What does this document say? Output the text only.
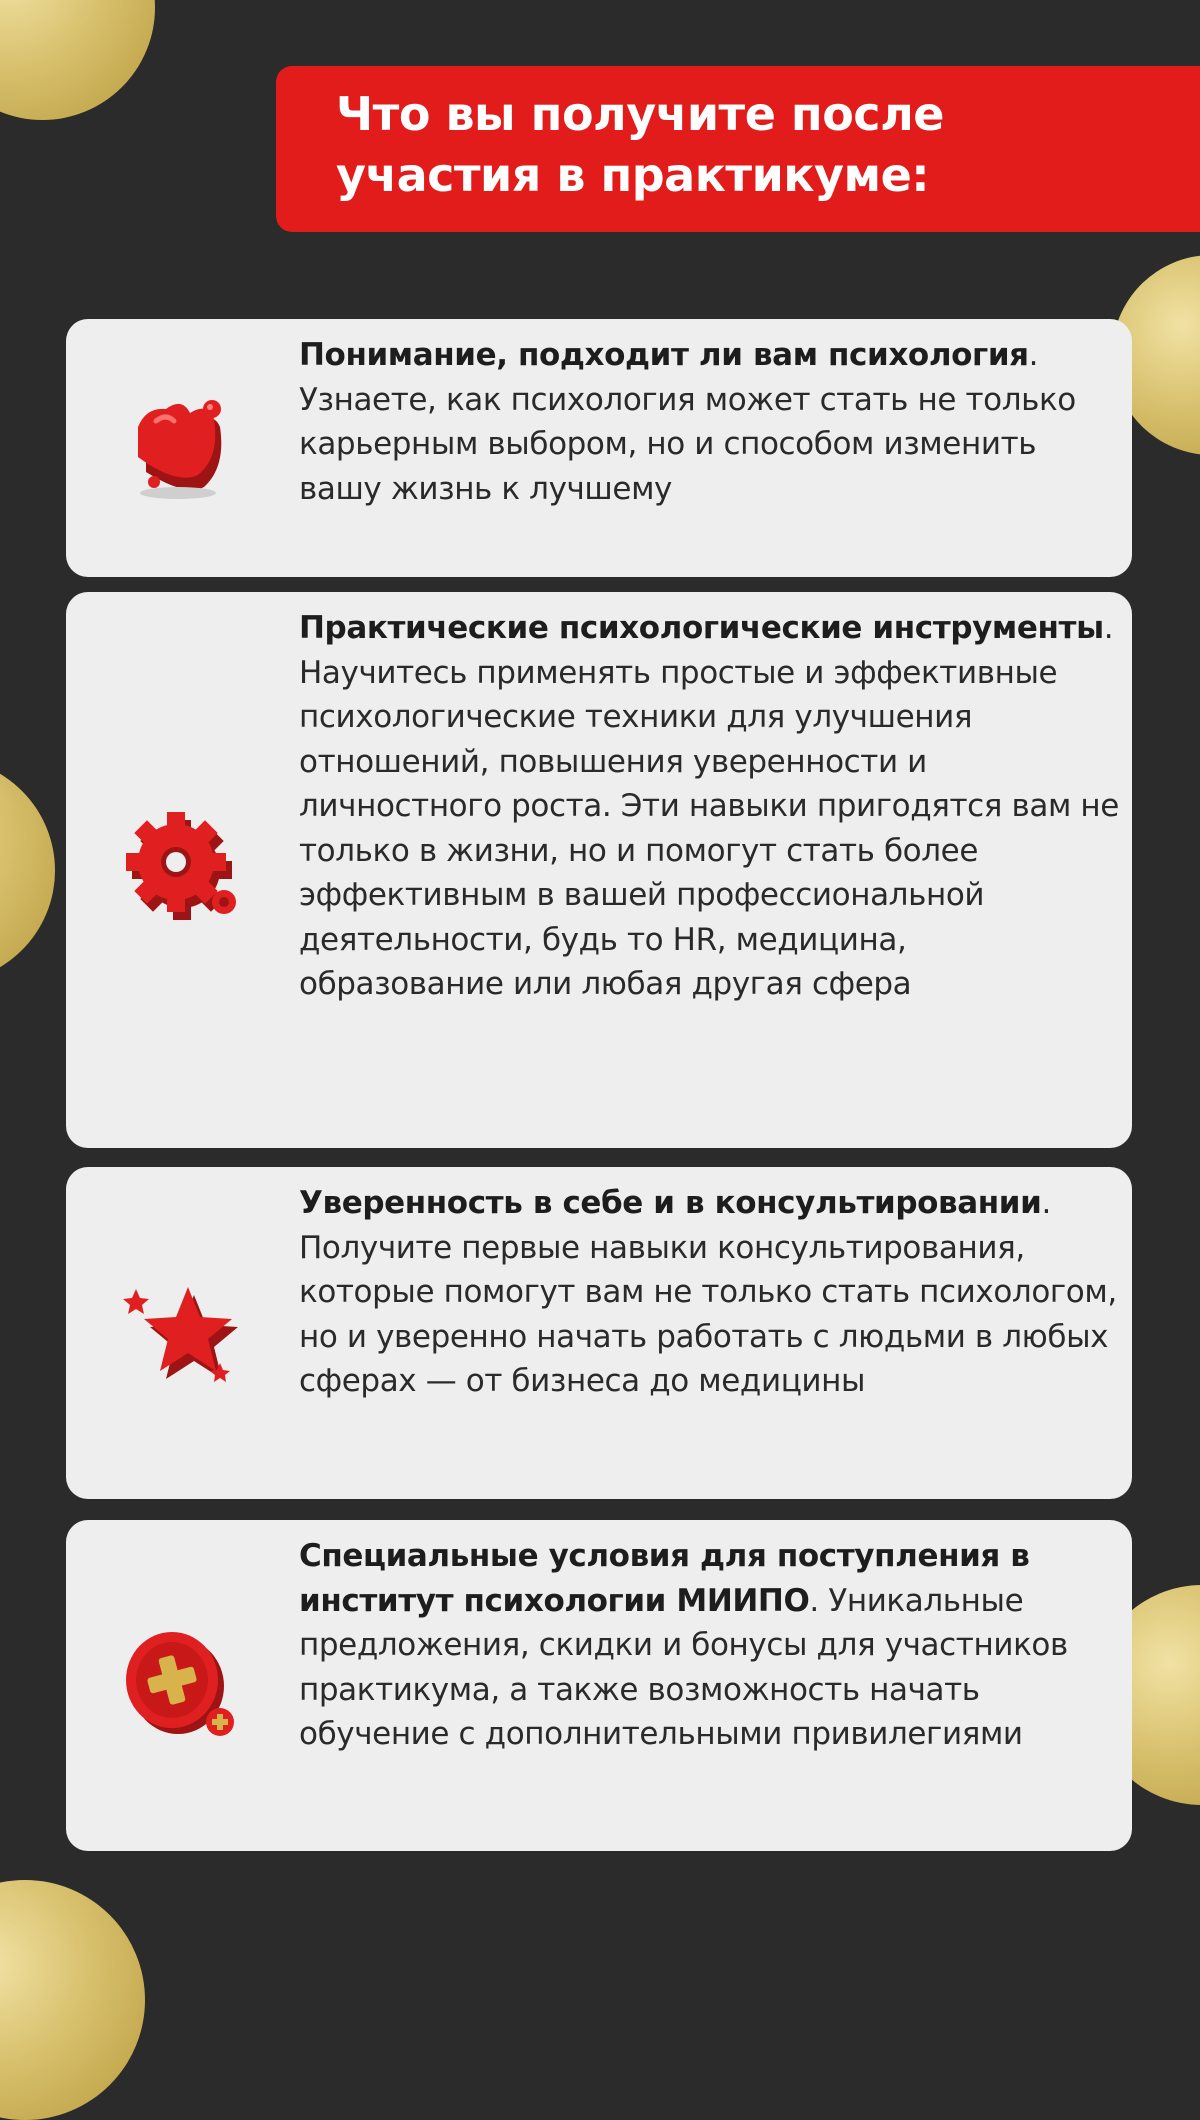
Что вы получите после
участия в практикуме:
Понимание, подходит ли вам психология. Узнаете, как психология может стать не только карьерным выбором, но и способом изменить вашу жизнь к лучшему
Практические психологические инструменты. Научитесь применять простые и эффективные психологические техники для улучшения отношений, повышения уверенности и личностного роста. Эти навыки пригодятся вам не только в жизни, но и помогут стать более эффективным в вашей профессиональной деятельности, будь то HR, медицина, образование или любая другая сфера
Уверенность в себе и в консультировании. Получите первые навыки консультирования, которые помогут вам не только стать психологом, но и уверенно начать работать с людьми в любых сферах — от бизнеса до медицины
Специальные условия для поступления в институт психологии МИИПО. Уникальные предложения, скидки и бонусы для участников практикума, а также возможность начать обучение с дополнительными привилегиями
